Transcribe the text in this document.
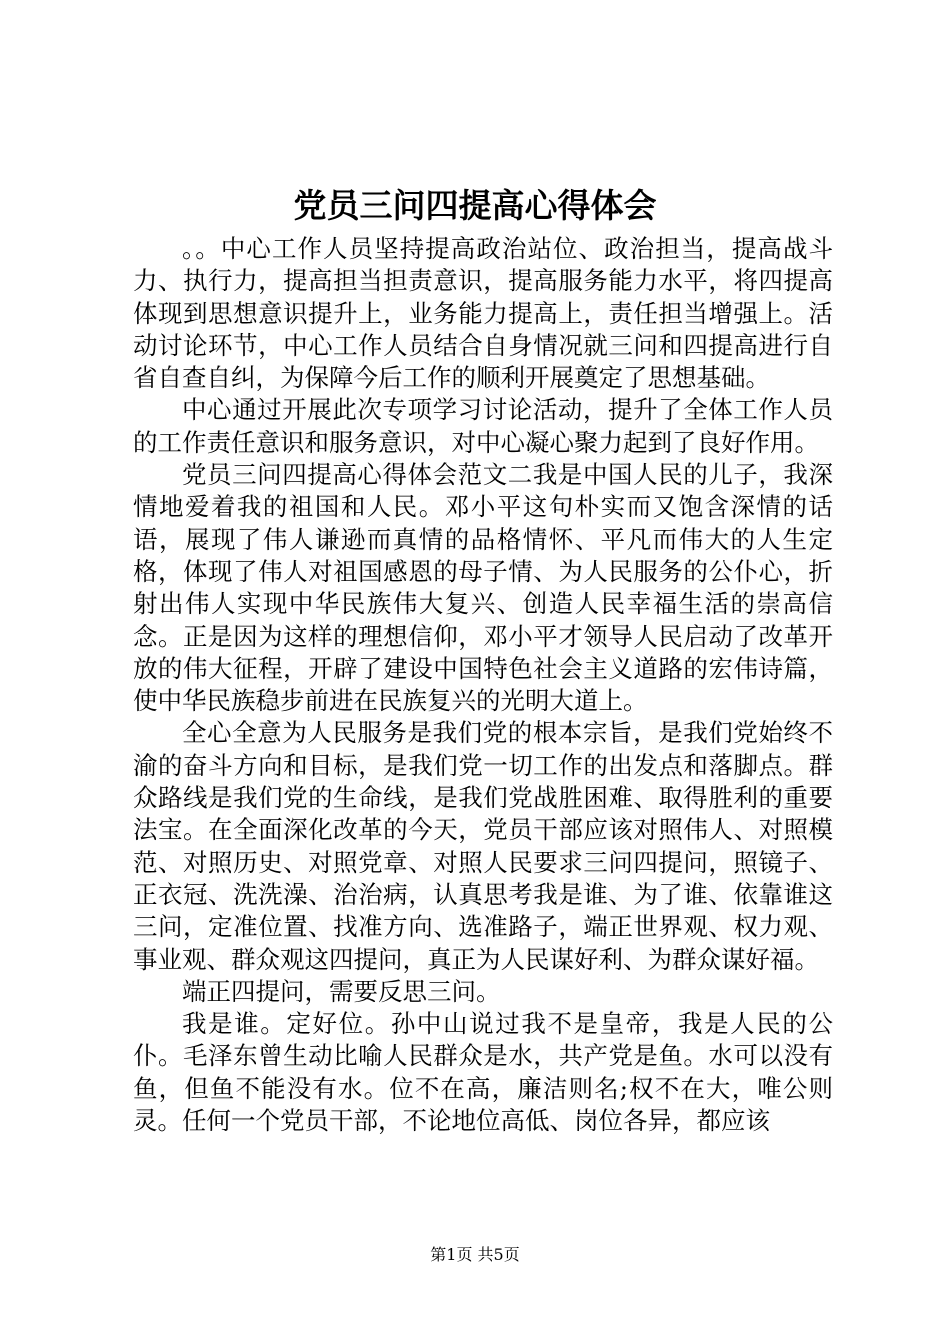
党员三问四提高心得体会

。。中心工作人员坚持提高政治站位、政治担当，提高战斗力、执行力，提高担当担责意识，提高服务能力水平，将四提高体现到思想意识提升上，业务能力提高上，责任担当增强上。活动讨论环节，中心工作人员结合自身情况就三问和四提高进行自省自查自纠，为保障今后工作的顺利开展奠定了思想基础。

中心通过开展此次专项学习讨论活动，提升了全体工作人员的工作责任意识和服务意识，对中心凝心聚力起到了良好作用。

党员三问四提高心得体会范文二我是中国人民的儿子，我深情地爱着我的祖国和人民。邓小平这句朴实而又饱含深情的话语，展现了伟人谦逊而真情的品格情怀、平凡而伟大的人生定格，体现了伟人对祖国感恩的母子情、为人民服务的公仆心，折射出伟人实现中华民族伟大复兴、创造人民幸福生活的崇高信念。正是因为这样的理想信仰，邓小平才领导人民启动了改革开放的伟大征程，开辟了建设中国特色社会主义道路的宏伟诗篇，使中华民族稳步前进在民族复兴的光明大道上。

全心全意为人民服务是我们党的根本宗旨，是我们党始终不渝的奋斗方向和目标，是我们党一切工作的出发点和落脚点。群众路线是我们党的生命线，是我们党战胜困难、取得胜利的重要法宝。在全面深化改革的今天，党员干部应该对照伟人、对照模范、对照历史、对照党章、对照人民要求三问四提问，照镜子、正衣冠、洗洗澡、治治病，认真思考我是谁、为了谁、依靠谁这三问，定准位置、找准方向、选准路子，端正世界观、权力观、事业观、群众观这四提问，真正为人民谋好利、为群众谋好福。

端正四提问，需要反思三问。

我是谁。定好位。孙中山说过我不是皇帝，我是人民的公仆。毛泽东曾生动比喻人民群众是水，共产党是鱼。水可以没有鱼，但鱼不能没有水。位不在高，廉洁则名;权不在大，唯公则灵。任何一个党员干部，不论地位高低、岗位各异，都应该

第1页 共5页
